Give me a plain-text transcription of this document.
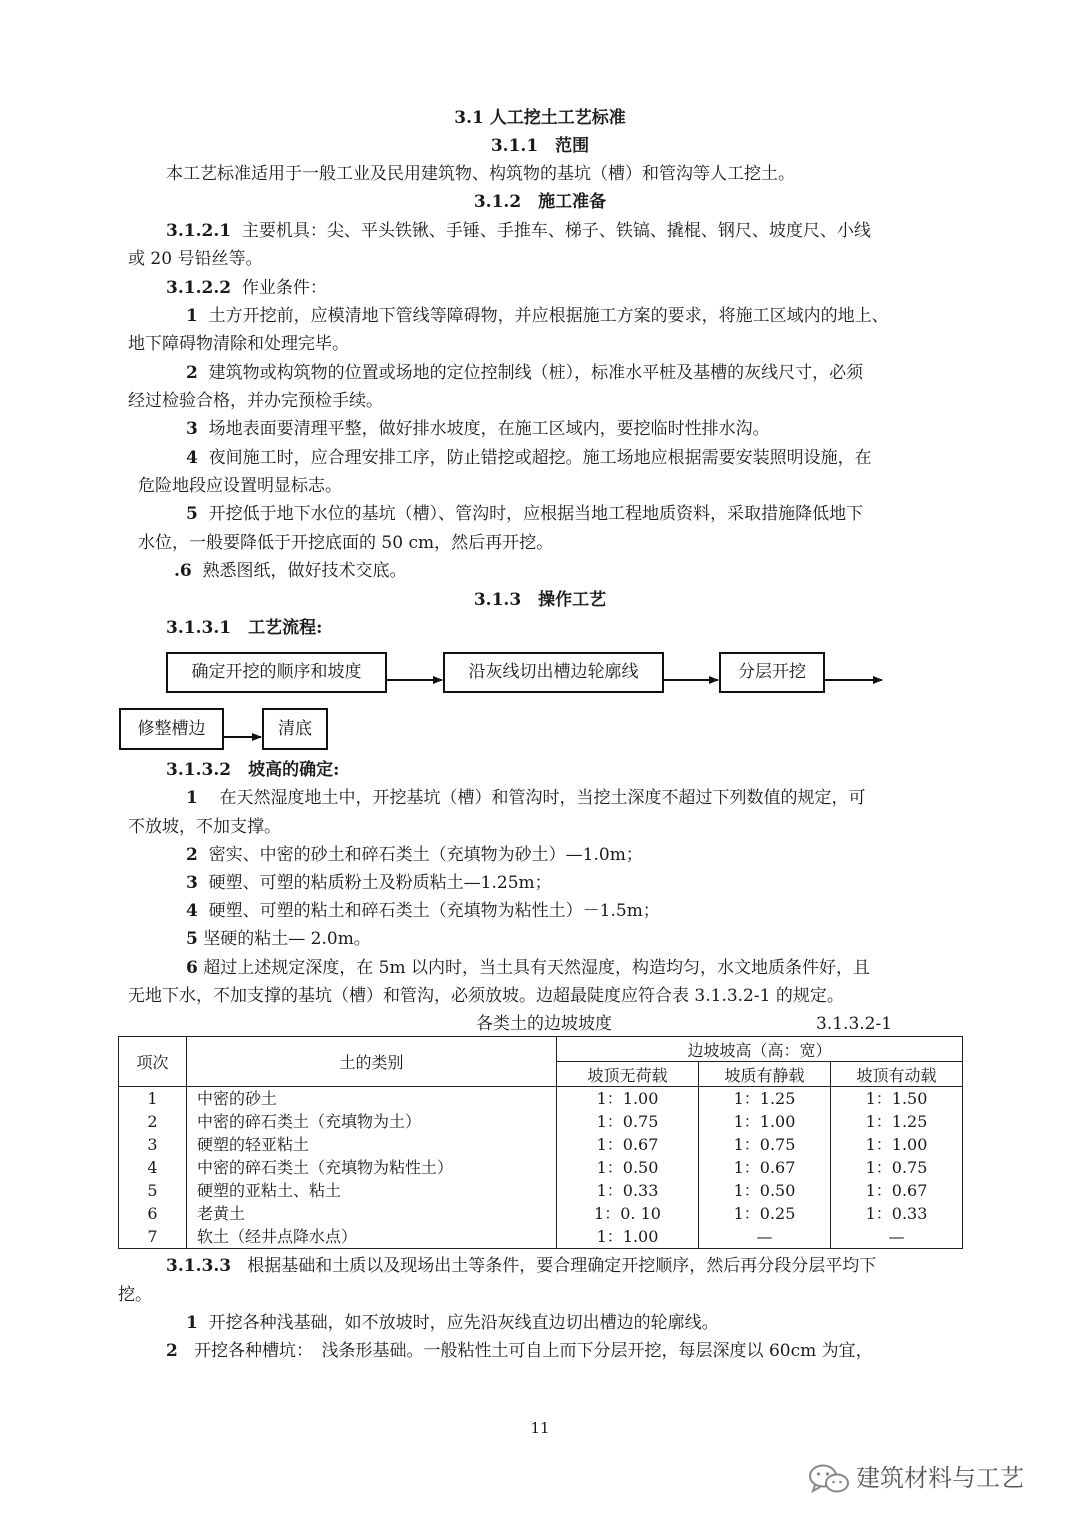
3.1 人工挖土工艺标准
3.1.1　范围
本工艺标准适用于一般工业及民用建筑物、构筑物的基坑（槽）和管沟等人工挖土。
3.1.2　施工准备
3.1.2.1 主要机具：尖、平头铁锹、手锤、手推车、梯子、铁镐、撬棍、钢尺、坡度尺、小线
或 20 号铅丝等。
3.1.2.2 作业条件：
1 土方开挖前，应模清地下管线等障碍物，并应根据施工方案的要求，将施工区域内的地上、
地下障碍物清除和处理完毕。
2 建筑物或构筑物的位置或场地的定位控制线（桩），标准水平桩及基槽的灰线尺寸，必须
经过检验合格，并办完预检手续。
3 场地表面要清理平整，做好排水坡度，在施工区域内，要挖临时性排水沟。
4 夜间施工时，应合理安排工序，防止错挖或超挖。施工场地应根据需要安装照明设施，在
危险地段应设置明显标志。
5 开挖低于地下水位的基坑（槽）、管沟时，应根据当地工程地质资料，采取措施降低地下
水位，一般要降低于开挖底面的 50 cm，然后再开挖。
.6 熟悉图纸，做好技术交底。
3.1.3　操作工艺
3.1.3.1　工艺流程:
确定开挖的顺序和坡度	沿灰线切出槽边轮廓线	分层开挖
修整槽边	清底
3.1.3.2　坡高的确定:
1 在天然湿度地土中，开挖基坑（槽）和管沟时，当挖土深度不超过下列数值的规定，可
不放坡，不加支撑。
2 密实、中密的砂土和碎石类土（充填物为砂土）—1.0m；
3 硬塑、可塑的粘质粉土及粉质粘土—1.25m；
4 硬塑、可塑的粘土和碎石类土（充填物为粘性土）－1.5m；
5 坚硬的粘土— 2.0m。
6 超过上述规定深度，在 5m 以内时，当土具有天然湿度，构造均匀，水文地质条件好，且
无地下水，不加支撑的基坑（槽）和管沟，必须放坡。边超最陡度应符合表 3.1.3.2-1 的规定。
各类土的边坡坡度	3.1.3.2-1
项次	土的类别	边坡坡高（高：宽）		
		坡顶无荷载	坡质有静载	坡顶有动载
1	中密的砂土	1：1.00	1：1.25	1：1.50
2	中密的碎石类土（充填物为土）	1：0.75	1：1.00	1：1.25
3	硬塑的轻亚粘土	1：0.67	1：0.75	1：1.00
4	中密的碎石类土（充填物为粘性土）	1：0.50	1：0.67	1：0.75
5	硬塑的亚粘土、粘土	1：0.33	1：0.50	1：0.67
6	老黄土	1：0. 10	1：0.25	1：0.33
7	软土（经井点降水点）	1：1.00	—	—
3.1.3.3 根据基础和土质以及现场出土等条件，要合理确定开挖顺序，然后再分段分层平均下
挖。
1 开挖各种浅基础，如不放坡时，应先沿灰线直边切出槽边的轮廓线。
2 开挖各种槽坑：　浅条形基础。一般粘性土可自上而下分层开挖，每层深度以 60cm 为宜，
11
建筑材料与工艺
